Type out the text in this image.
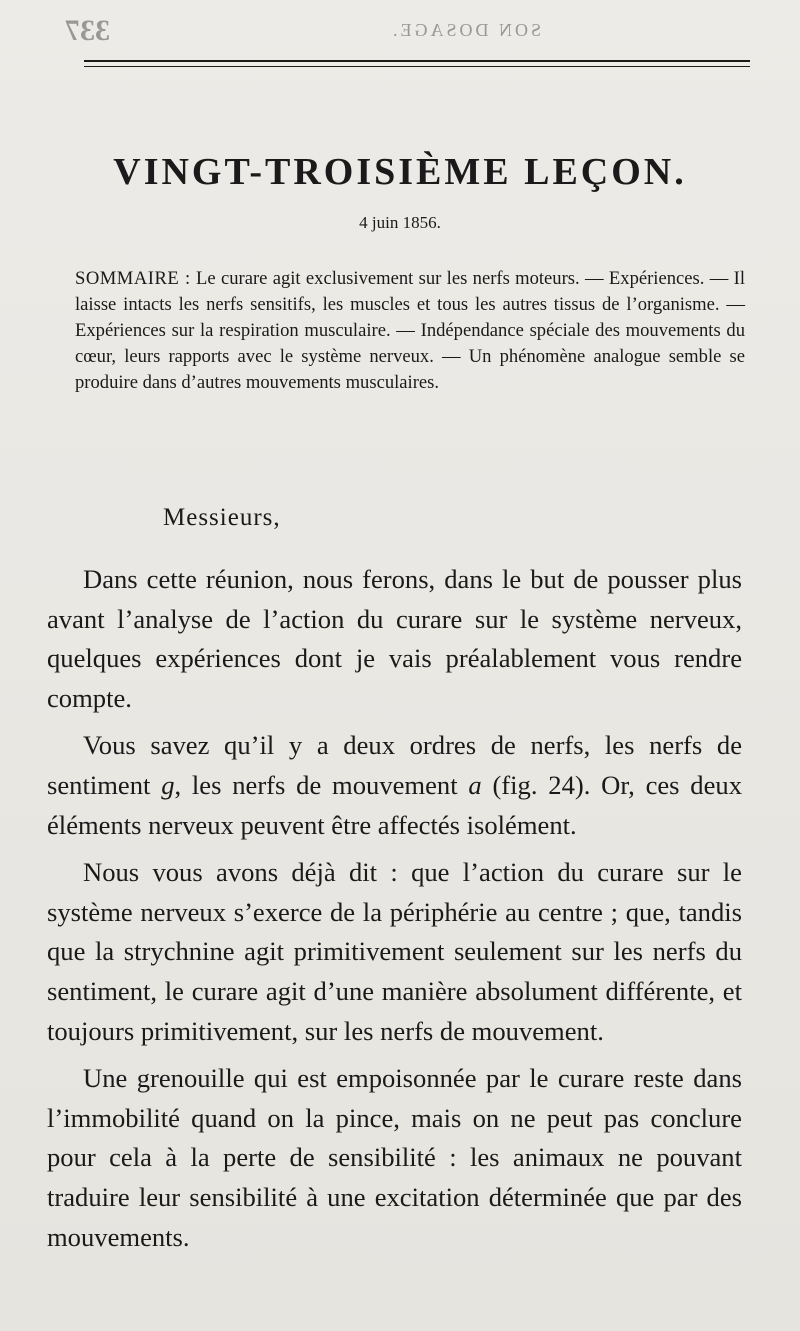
337	SON DOSAGE.
VINGT-TROISIÈME LEÇON.
4 juin 1856.
SOMMAIRE : Le curare agit exclusivement sur les nerfs moteurs. — Expériences. — Il laisse intacts les nerfs sensitifs, les muscles et tous les autres tissus de l’organisme. — Expériences sur la respiration musculaire. — Indépendance spéciale des mouvements du cœur, leurs rapports avec le système nerveux. — Un phénomène analogue semble se produire dans d’autres mouvements musculaires.
Messieurs,

Dans cette réunion, nous ferons, dans le but de pousser plus avant l’analyse de l’action du curare sur le système nerveux, quelques expériences dont je vais préalablement vous rendre compte.

Vous savez qu’il y a deux ordres de nerfs, les nerfs de sentiment g, les nerfs de mouvement a (fig. 24). Or, ces deux éléments nerveux peuvent être affectés isolément.

Nous vous avons déjà dit : que l’action du curare sur le système nerveux s’exerce de la périphérie au centre ; que, tandis que la strychnine agit primitivement seulement sur les nerfs du sentiment, le curare agit d’une manière absolument différente, et toujours primitivement, sur les nerfs de mouvement.

Une grenouille qui est empoisonnée par le curare reste dans l’immobilité quand on la pince, mais on ne peut pas conclure pour cela à la perte de sensibilité : les animaux ne pouvant traduire leur sensibilité à une excitation déterminée que par des mouvements.
